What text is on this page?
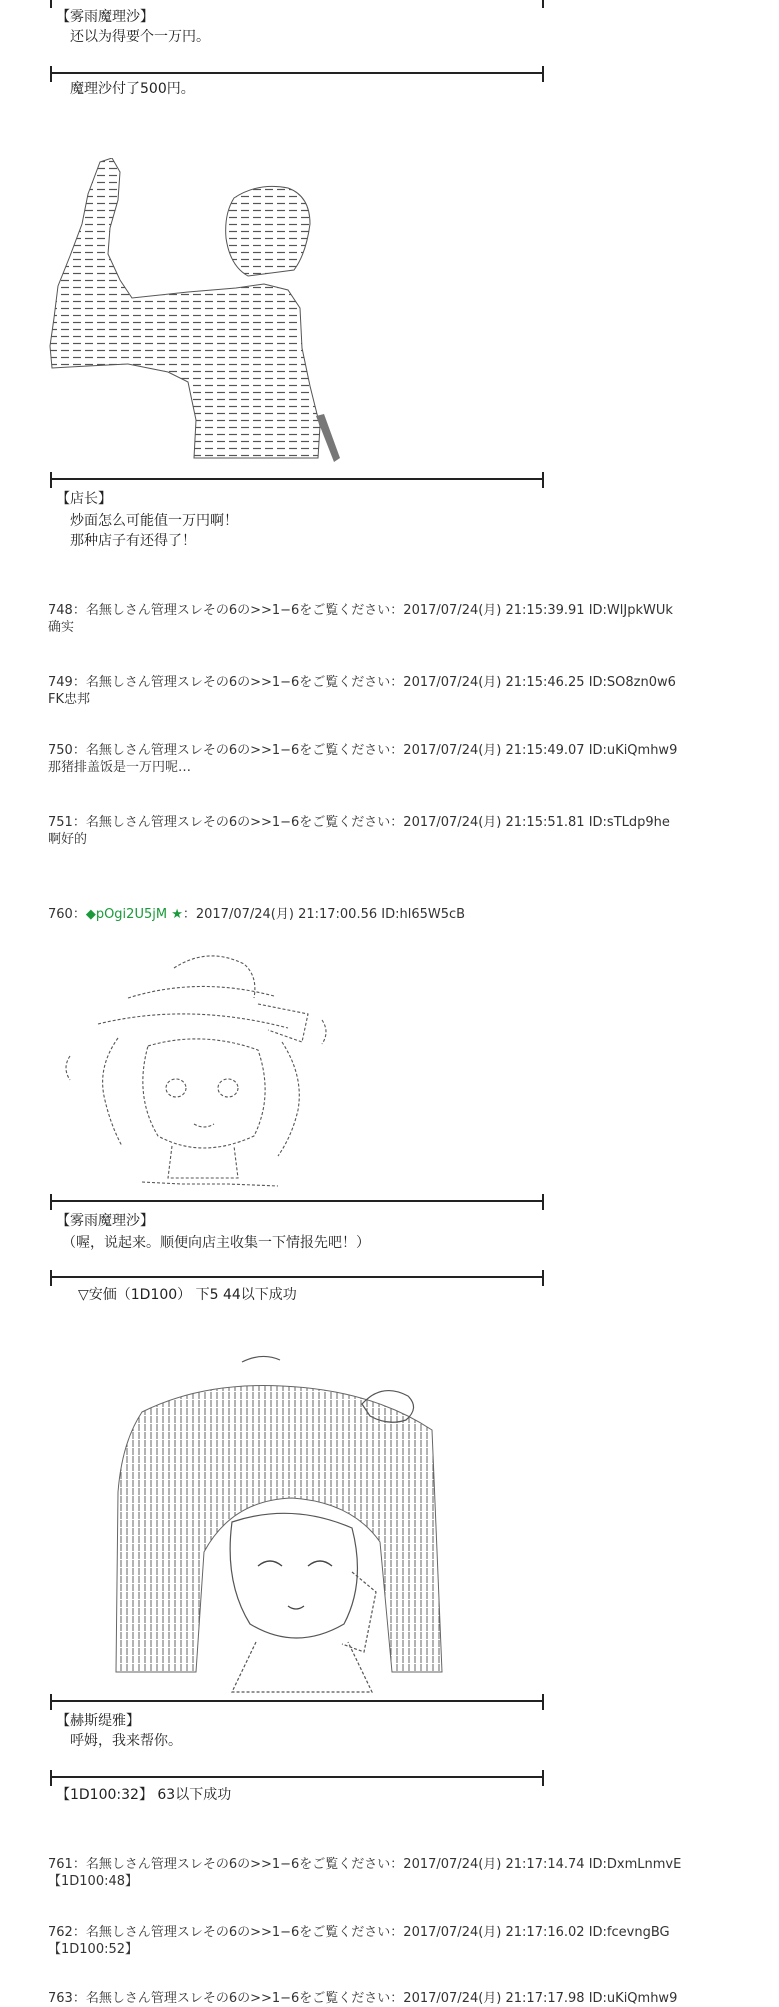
【雾雨魔理沙】
还以为得要个一万円。
魔理沙付了500円。
【店长】
炒面怎么可能值一万円啊！
那种店子有还得了！
748：名無しさん管理スレその6の>>1−6をご覧ください：2017/07/24(月) 21:15:39.91 ID:WlJpkWUk
确实
749：名無しさん管理スレその6の>>1−6をご覧ください：2017/07/24(月) 21:15:46.25 ID:SO8zn0w6
FK忠邦
750：名無しさん管理スレその6の>>1−6をご覧ください：2017/07/24(月) 21:15:49.07 ID:uKiQmhw9
那猪排盖饭是一万円呢…
751：名無しさん管理スレその6の>>1−6をご覧ください：2017/07/24(月) 21:15:51.81 ID:sTLdp9he
啊好的
760：◆pOgi2U5jM ★：2017/07/24(月) 21:17:00.56 ID:hl65W5cB
【雾雨魔理沙】
（喔，说起来。顺便向店主收集一下情报先吧！）
▽安価（1D100） 下5 44以下成功
【赫斯缇雅】
呼姆，我来帮你。
【1D100:32】 63以下成功
761：名無しさん管理スレその6の>>1−6をご覧ください：2017/07/24(月) 21:17:14.74 ID:DxmLnmvE
【1D100:48】
762：名無しさん管理スレその6の>>1−6をご覧ください：2017/07/24(月) 21:17:16.02 ID:fcevngBG
【1D100:52】
763：名無しさん管理スレその6の>>1−6をご覧ください：2017/07/24(月) 21:17:17.98 ID:uKiQmhw9
